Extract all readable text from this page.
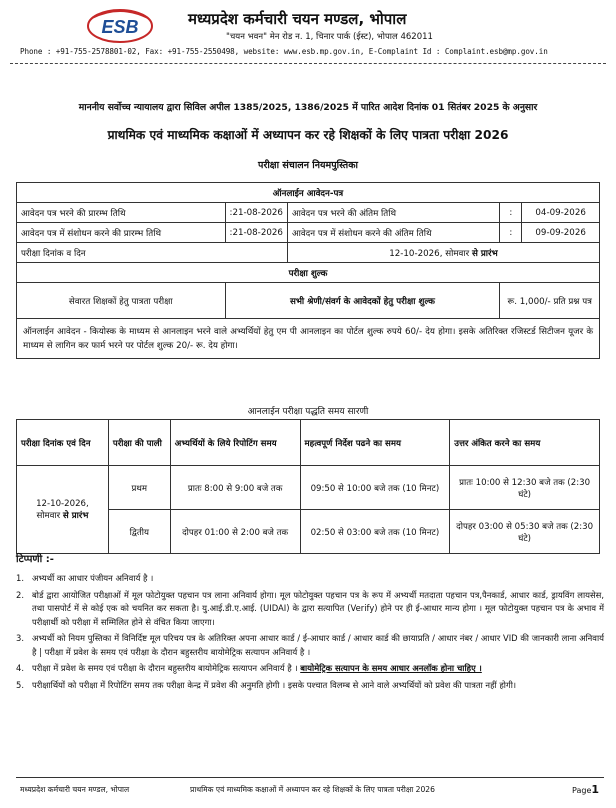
ESB	मध्यप्रदेश कर्मचारी चयन मण्डल, भोपाल
"चयन भवन" मेन रोड न. 1, चिनार पार्क (ईस्ट), भोपाल 462011
Phone : +91-755-2578801-02, Fax: +91-755-2550498, website: www.esb.mp.gov.in, E-Complaint Id : Complaint.esb@mp.gov.in
माननीय सर्वोच्च न्यायालय द्वारा सिविल अपील 1385/2025, 1386/2025 में पारित आदेश दिनांक 01 सितंबर 2025 के अनुसार
प्राथमिक एवं माध्यमिक कक्षाओं में अध्यापन कर रहे शिक्षकों के लिए पात्रता परीक्षा 2026
परीक्षा संचालन नियमपुस्तिका
ऑनलाईन आवेदन-पत्र				
आवेदन पत्र भरने की प्रारम्भ तिथि	:21-08-2026	आवेदन पत्र भरने की अंतिम तिथि	:	04-09-2026
आवेदन पत्र में संशोधन करने की प्रारम्भ तिथि	:21-08-2026	आवेदन पत्र में संशोधन करने की अंतिम तिथि	:	09-09-2026
परीक्षा दिनांक व दिन		12-10-2026, सोमवार से प्रारंभ		
परीक्षा शुल्क				
सेवारत शिक्षकों हेतु पात्रता परीक्षा	सभी श्रेणी/संवर्ग के आवेदकों हेतु परीक्षा शुल्क		रू. 1,000/- प्रति प्रश्न पत्र	
ऑनलाईन आवेदन - कियोस्क के माध्यम से आनलाइन भरने वाले अभ्यर्थियों हेतु एम पी आनलाइन का पोर्टल शुल्क रुपये 60/- देय होगा। इसके अतिरिक्त रजिस्टर्ड सिटीजन यूजर के माध्यम से लागिन कर फार्म भरने पर पोर्टल शुल्क 20/- रू. देय होगा।				
आनलाईन परीक्षा पद्धति समय सारणी
परीक्षा दिनांक एवं दिन	परीक्षा की पाली	अभ्यर्थियों के लिये रिपोटिंग समय	महत्वपूर्ण निर्देश पढने का समय	उत्तर अंकित करने का समय
12-10-2026,
सोमवार से प्रारंभ	प्रथम	प्रातः 8:00 से 9:00 बजे तक	09:50 से 10:00 बजे तक (10 मिनट)	प्रातः 10:00 से 12:30 बजे तक (2:30 घंटे)
	द्वितीय	दोपहर 01:00 से 2:00 बजे तक	02:50 से 03:00 बजे तक (10 मिनट)	दोपहर 03:00 से 05:30 बजे तक (2:30 घंटे)
टिप्पणी :-
1. अभ्यर्थी का आधार पंजीयन अनिवार्य है ।
2. बोर्ड द्वारा आयोजित परीक्षाओं में मूल फोटोयुक्त पहचान पत्र लाना अनिवार्य होगा। मूल फोटोयुक्त पहचान पत्र के रूप में अभ्यर्थी मतदाता पहचान पत्र,पैनकार्ड, आधार कार्ड, ड्रायविंग लायसेस, तथा पासपोर्ट में से कोई एक को चयनित कर सकता है। यु.आई.डी.ए.आई. (UIDAI) के द्वारा सत्यापित (Verify) होने पर ही ई-आधार मान्य होगा । मूल फोटोयुक्त पहचान पत्र के अभाव में परीक्षार्थी को परीक्षा में सम्मिलित होने से वंचित किया जाएगा।
3. अभ्यर्थी को नियम पुस्तिका में विनिर्दिष्ट मूल परिचय पत्र के अतिरिक्त अपना आधार कार्ड / ई-आधार कार्ड / आधार कार्ड की छायाप्रति / आधार नंबर / आधार VID की जानकारी लाना अनिवार्य है | परीक्षा में प्रवेश के समय एवं परीक्षा के दौरान बहुस्तरीय बायोमेट्रिक सत्यापन अनिवार्य है ।
4. परीक्षा में प्रवेश के समय एवं परीक्षा के दौरान बहुस्तरीय बायोमेट्रिक सत्यापन अनिवार्य है । बायोमेट्रिक सत्यापन के समय आधार अनलॉक होना चाहिए ।
5. परीक्षार्थियों को परीक्षा में रिपोटिंग समय तक परीक्षा केन्द्र में प्रवेश की अनुमति होगी । इसके पश्चात विलम्ब से आने वाले अभ्यर्थियों को प्रवेश की पात्रता नहीं होगी।
मध्यप्रदेश कर्मचारी चयन मण्डल, भोपाल	प्राथमिक एवं माध्यमिक कक्षाओं में अध्यापन कर रहे शिक्षकों के लिए पात्रता परीक्षा 2026	Page1
